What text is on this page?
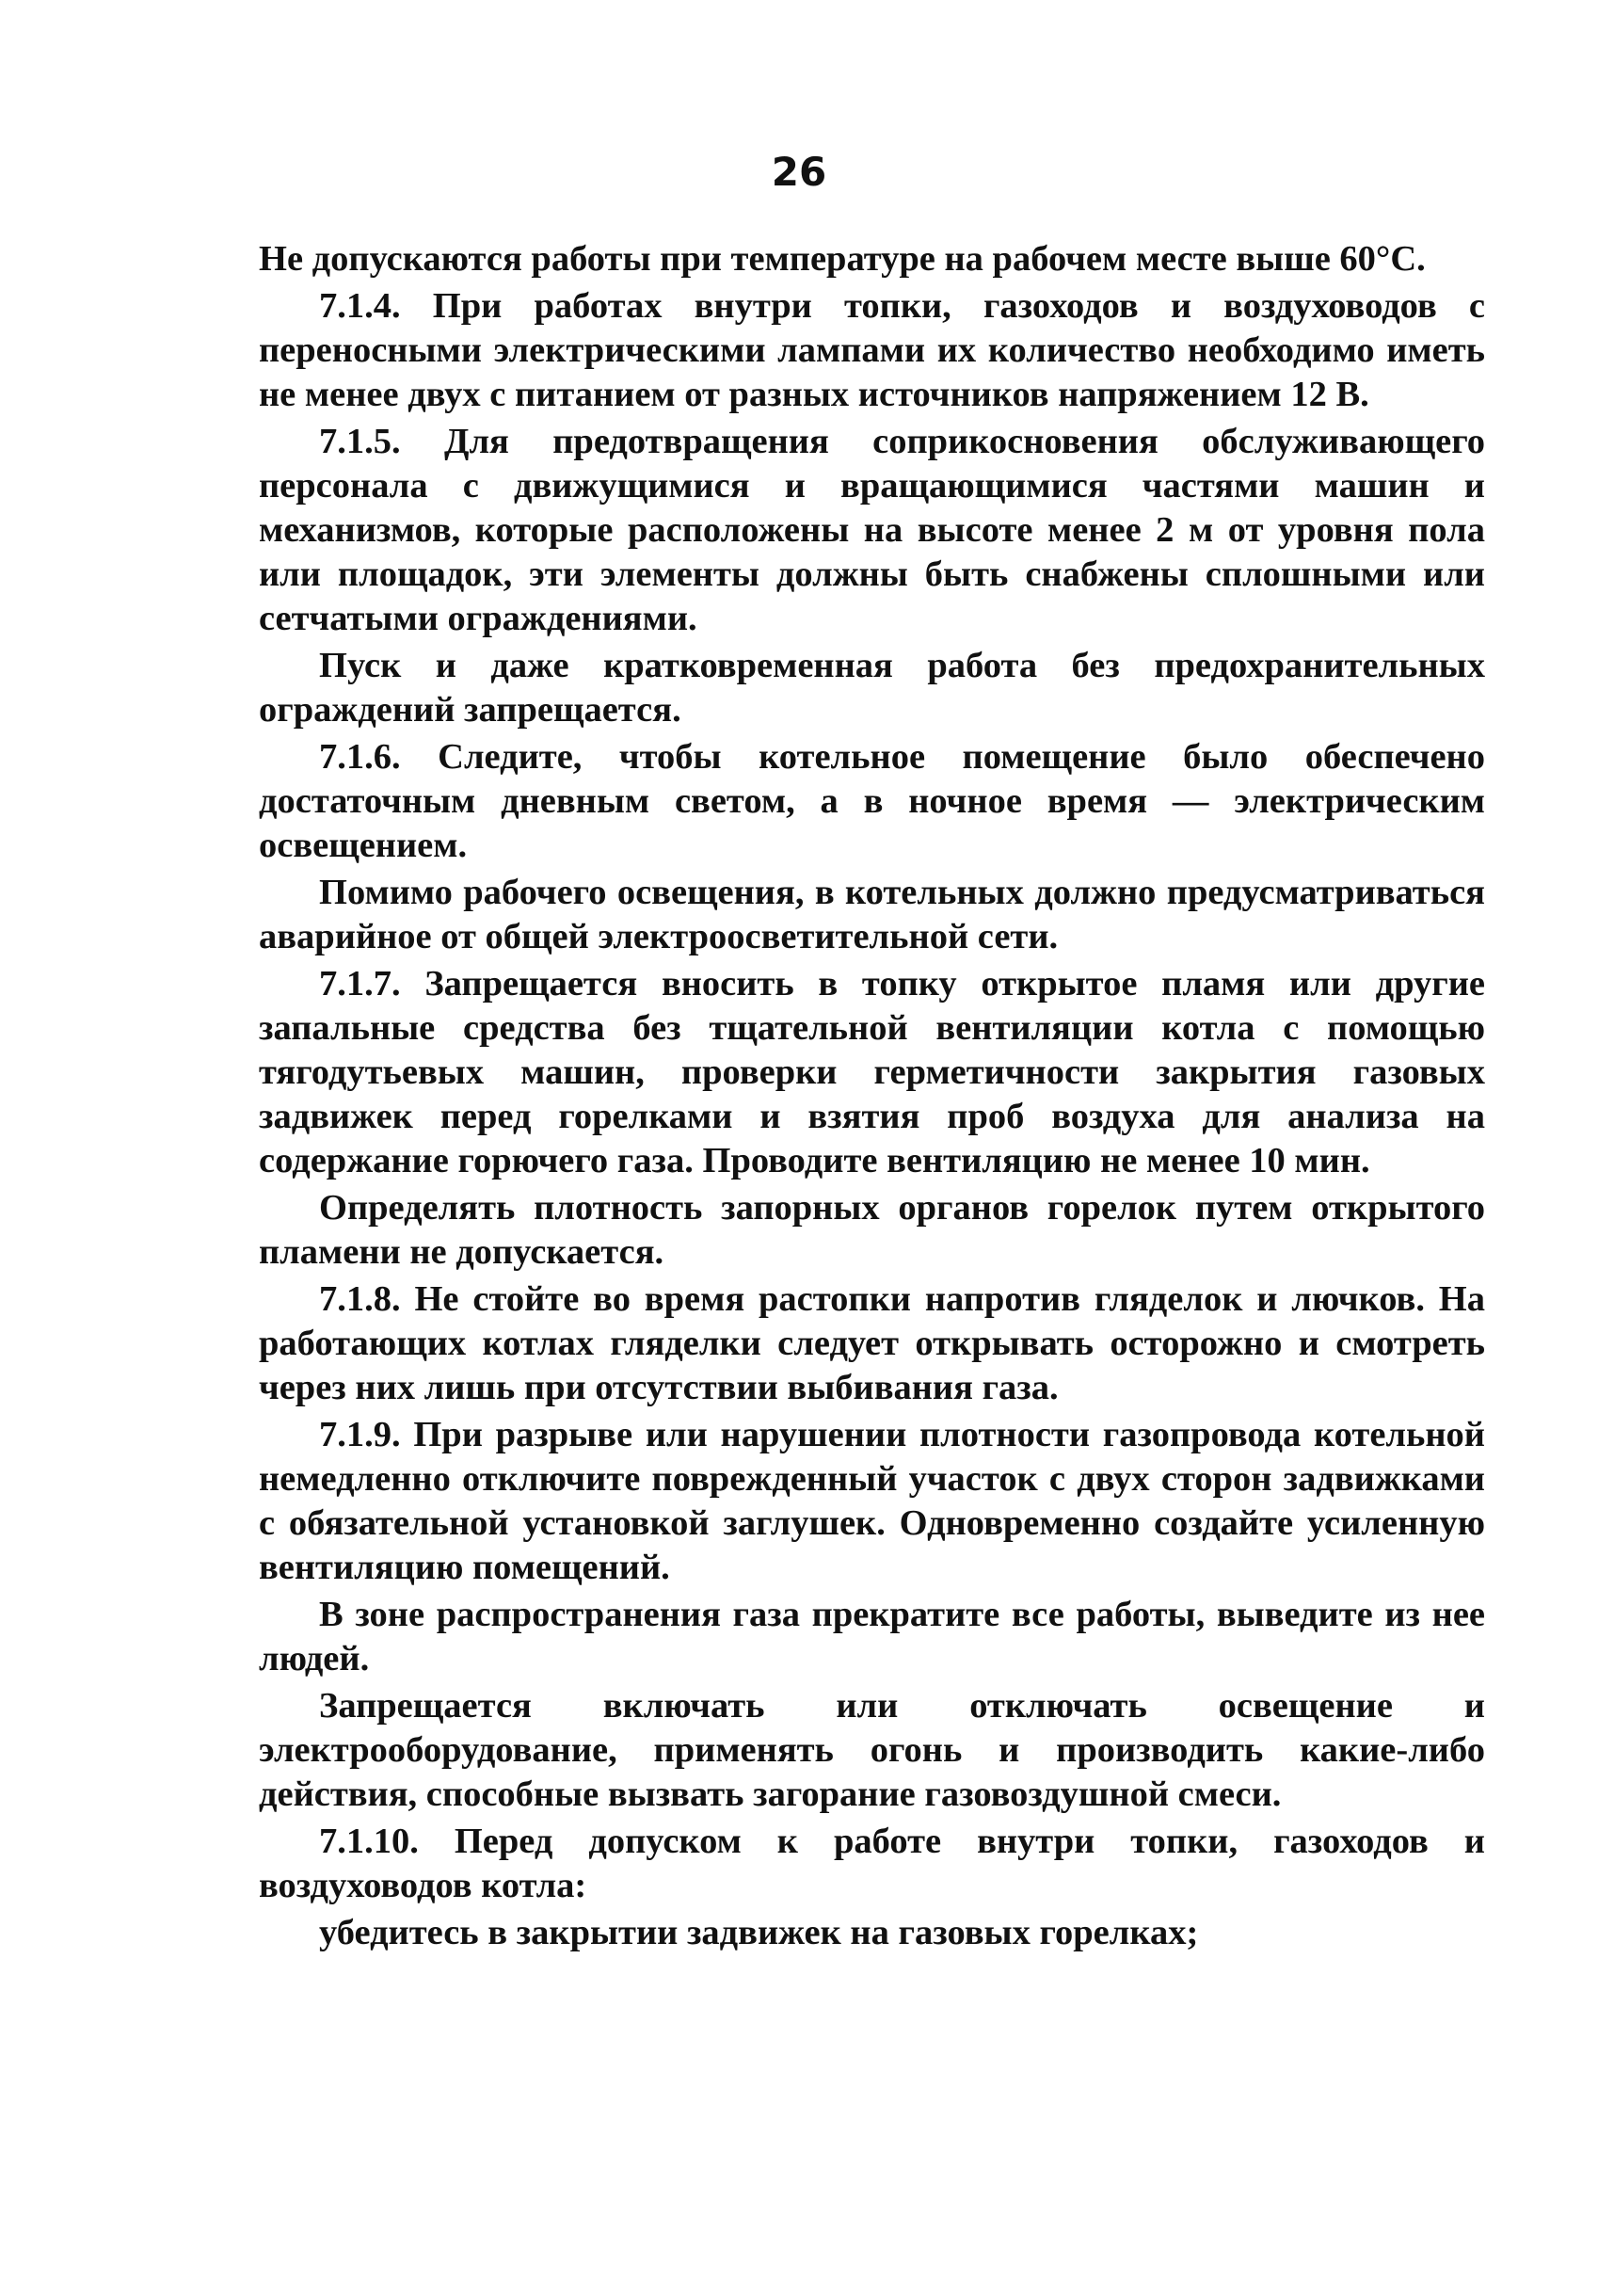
26

Не допускаются работы при температуре на рабочем месте выше 60°С.

7.1.4. При работах внутри топки, газоходов и воздуховодов с переносными электрическими лампами их количество необходимо иметь не менее двух с питанием от разных источников напряжением 12 В.

7.1.5. Для предотвращения соприкосновения обслуживающего персонала с движущимися и вращающимися частями машин и механизмов, которые расположены на высоте менее 2 м от уровня пола или площадок, эти элементы должны быть снабжены сплошными или сетчатыми ограждениями.

Пуск и даже кратковременная работа без предохранительных ограждений запрещается.

7.1.6. Следите, чтобы котельное помещение было обеспечено достаточным дневным светом, а в ночное время — электрическим освещением.

Помимо рабочего освещения, в котельных должно предусматриваться аварийное от общей электроосветительной сети.

7.1.7. Запрещается вносить в топку открытое пламя или другие запальные средства без тщательной вентиляции котла с помощью тягодутьевых машин, проверки герметичности закрытия газовых задвижек перед горелками и взятия проб воздуха для анализа на содержание горючего газа. Проводите вентиляцию не менее 10 мин.

Определять плотность запорных органов горелок путем открытого пламени не допускается.

7.1.8. Не стойте во время растопки напротив гляделок и лючков. На работающих котлах гляделки следует открывать осторожно и смотреть через них лишь при отсутствии выбивания газа.

7.1.9. При разрыве или нарушении плотности газопровода котельной немедленно отключите поврежденный участок с двух сторон задвижками с обязательной установкой заглушек. Одновременно создайте усиленную вентиляцию помещений.

В зоне распространения газа прекратите все работы, выведите из нее людей.

Запрещается включать или отключать освещение и электрооборудование, применять огонь и производить какие-либо действия, способные вызвать загорание газовоздушной смеси.

7.1.10. Перед допуском к работе внутри топки, газоходов и воздуховодов котла:

убедитесь в закрытии задвижек на газовых горелках;
